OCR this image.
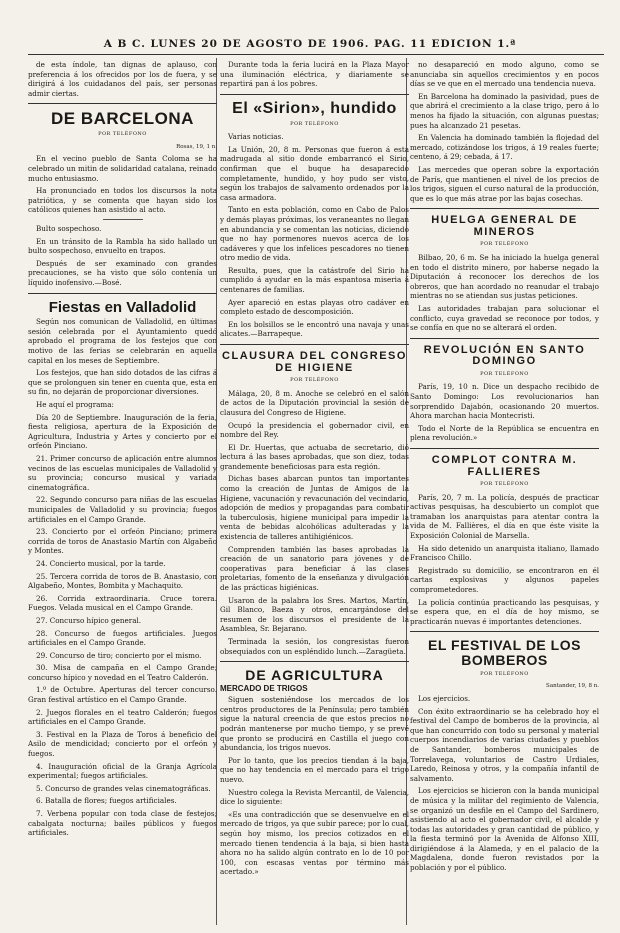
A B C. LUNES 20 DE AGOSTO DE 1906. PAG. 11 EDICION 1.ª

de esta índole, tan dignas de aplauso, con preferencia á los ofrecidos por los de fuera, y se dirigirá á los cuidadanos del país, ser personas admir ciertas.

DE BARCELONA
POR TELÉFONO
Rosas, 19, 1 n.

En el vecino pueblo de Santa Coloma se ha celebrado un mitin de solidaridad catalana, reinado mucho entusiasmo.

Ha pronunciado en todos los discursos la nota patriótica, y se comenta que hayan sido los católicos quienes han asistido al acto.

Bulto sospechoso.

En un tránsito de la Rambla ha sido hallado un bulto sospechoso, envuelto en trapos.

Después de ser examinado con grandes precauciones, se ha visto que sólo contenía un líquido inofensivo.—Bosé.

Fiestas en Valladolid

Según nos comunican de Valladolid, en últimas sesión celebrada por el Ayuntamiento quedó aprobado el programa de los festejos que con motivo de las ferias se celebrarán en aquella capital en los meses de Septiembre.

Los festejos, que han sido dotados de las cifras á que se prolonguen sin tener en cuenta que, esta en su fin, no dejarán de proporcionar diversiones.

He aquí el programa:

Día 20 de Septiembre. Inauguración de la feria, fiesta religiosa, apertura de la Exposición de Agricultura, Industria y Artes y concierto por el orfeón Pinciano.

21. Primer concurso de aplicación entre alumnos vecinos de las escuelas municipales de Valladolid y su provincia; concurso musical y variada cinematográfica.

22. Segundo concurso para niñas de las escuelas municipales de Valladolid y su provincia; fuegos artificiales en el Campo Grande.

23. Concierto por el orfeón Pinciano; primera corrida de toros de Anastasio Martín con Algabeño y Montes.

24. Concierto musical, por la tarde.

25. Tercera corrida de toros de B. Anastasio, con Algabeño, Montes, Bombita y Machaquito.

26. Corrida extraordinaria. Cruce torera. Fuegos. Velada musical en el Campo Grande.

27. Concurso hípico general.

28. Concurso de fuegos artificiales. Juegos artificiales en el Campo Grande.

29. Concurso de tiro; concierto por el mismo.

30. Misa de campaña en el Campo Grande; concurso hípico y novedad en el Teatro Calderón.

1.º de Octubre. Aperturas del tercer concurso. Gran festival artístico en el Campo Grande.

2. Juegos florales en el teatro Calderón; fuegos artificiales en el Campo Grande.

3. Festival en la Plaza de Toros á beneficio del Asilo de mendicidad; concierto por el orfeón y fuegos.

4. Inauguración oficial de la Granja Agrícola experimental; fuegos artificiales.

5. Concurso de grandes velas cinematográficas.

6. Batalla de flores; fuegos artificiales.

7. Verbena popular con toda clase de festejos; cabalgata nocturna; bailes públicos y fuegos artificiales.

Durante toda la feria lucirá en la Plaza Mayor una iluminación eléctrica, y diariamente se repartirá pan á los pobres.

El «Sirion», hundido
POR TELÉFONO

Varias noticias.

La Unión, 20, 8 m. Personas que fueron á esta madrugada al sitio donde embarrancó el Sirio, confirman que el buque ha desaparecido completamente, hundido, y hoy pudo ser visto, según los trabajos de salvamento ordenados por la casa armadora.

Tanto en esta población, como en Cabo de Palos y demás playas próximas, los veraneantes no llegan en abundancia y se comentan las noticias, diciendo que no hay pormenores nuevos acerca de los cadáveres y que los infelices pescadores no tienen otro medio de vida.

Resulta, pues, que la catástrofe del Sirio ha cumplido á ayudar en la más espantosa miseria á centenares de familias.

Ayer apareció en estas playas otro cadáver en completo estado de descomposición.

En los bolsillos se le encontró una navaja y unas alicates.—Barrapeque.

CLAUSURA DEL CONGRESO DE HIGIENE
POR TELÉFONO

Málaga, 20, 8 m. Anoche se celebró en el salón de actos de la Diputación provincial la sesión de clausura del Congreso de Higiene.

Ocupó la presidencia el gobernador civil, en nombre del Rey.

El Dr. Huertas, que actuaba de secretario, dió lectura á las bases aprobadas, que son diez, todas grandemente beneficiosas para esta región.

Dichas bases abarcan puntos tan importantes como la creación de Juntas de Amigos de la Higiene, vacunación y revacunación del vecindario, adopción de medios y propagandas para combatir la tuberculosis, higiene municipal para impedir la venta de bebidas alcohólicas adulteradas y la existencia de talleres antihigiénicos.

Comprenden también las bases aprobadas la creación de un sanatorio para jóvenes y de cooperativas para beneficiar á las clases proletarias, fomento de la enseñanza y divulgación de las prácticas higiénicas.

Usaron de la palabra los Sres. Martos, Martín, Gil Blanco, Baeza y otros, encargándose del resumen de los discursos el presidente de la Asamblea, Sr. Bejarano.

Terminada la sesión, los congresistas fueron obsequiados con un espléndido lunch.—Zaragüeta.

DE AGRICULTURA
MERCADO DE TRIGOS

Siguen sosteniéndose los mercados de los centros productores de la Península; pero también sigue la natural creencia de que estos precios no podrán mantenerse por mucho tiempo, y se prevé que pronto se producirá en Castilla el juego con abundancia, los trigos nuevos.

Por lo tanto, que los precios tiendan á la baja, que no hay tendencia en el mercado para el trigo nuevo.

Nuestro colega la Revista Mercantil, de Valencia, dice lo siguiente:

«Es una contradicción que se desenvuelve en el mercado de trigos, ya que subir parece; por lo cual, según hoy mismo, los precios cotizados en el mercado tienen tendencia á la baja, si bien hasta ahora no ha salido algún contrato en lo de 10 por 100, con escasas ventas por término más acertado.»

no desapareció en modo alguno, como se anunciaba sin aquellos crecimientos y en pocos días se ve que en el mercado una tendencia nueva.

En Barcelona ha dominado la pasividad, pues de que abrirá el crecimiento a la clase trigo, pero á lo menos ha fijado la situación, con algunas puestas; pues ha alcanzado 21 pesetas.

En Valencia ha dominado también la flojedad del mercado, cotizándose los trigos, á 19 reales fuerte; centeno, á 29; cebada, á 17.

Las mercedes que operan sobre la exportación de París, que mantienen el nivel de los precios de los trigos, siguen el curso natural de la producción, que es lo que más atrae por las bajas cosechas.

HUELGA GENERAL DE MINEROS
POR TELÉFONO

Bilbao, 20, 6 m. Se ha iniciado la huelga general en todo el distrito minero, por haberse negado la Diputación á reconocer los derechos de los obreros, que han acordado no reanudar el trabajo mientras no se atiendan sus justas peticiones.

Las autoridades trabajan para solucionar el conflicto, cuya gravedad se reconoce por todos, y se confía en que no se alterará el orden.

REVOLUCIÓN EN SANTO DOMINGO
POR TELÉFONO

París, 19, 10 n. Dice un despacho recibido de Santo Domingo: Los revolucionarios han sorprendido Dajabón, ocasionando 20 muertos. Ahora marchan hacia Montecristi.

Todo el Norte de la República se encuentra en plena revolución.»

COMPLOT CONTRA M. FALLIERES
POR TELÉFONO

París, 20, 7 m. La policía, después de practicar activas pesquisas, ha descubierto un complot que tramaban los anarquistas para atentar contra la vida de M. Fallières, el día en que éste visite la Exposición Colonial de Marsella.

Ha sido detenido un anarquista italiano, llamado Francisco Chillo.

Registrado su domicilio, se encontraron en él cartas explosivas y algunos papeles comprometedores.

La policía continúa practicando las pesquisas, y se espera que, en el día de hoy mismo, se practicarán nuevas é importantes detenciones.

EL FESTIVAL DE LOS BOMBEROS
POR TELÉFONO
Santander, 19, 8 n.

Los ejercicios.

Con éxito extraordinario se ha celebrado hoy el festival del Campo de bomberos de la provincia, al que han concurrido con todo su personal y material cuerpos incendiarios de varias ciudades y pueblos de Santander, bomberos municipales de Torrelavega, voluntarios de Castro Urdiales, Laredo, Reinosa y otros, y la compañía infantil de salvamento.

Los ejercicios se hicieron con la banda municipal de música y la militar del regimiento de Valencia, se organizó un desfile en el Campo del Sardinero, asistiendo al acto el gobernador civil, el alcalde y todas las autoridades y gran cantidad de público, y la fiesta terminó por la Avenida de Alfonso XIII, dirigiéndose á la Alameda, y en el palacio de la Magdalena, donde fueron revistados por la población y por el público.
